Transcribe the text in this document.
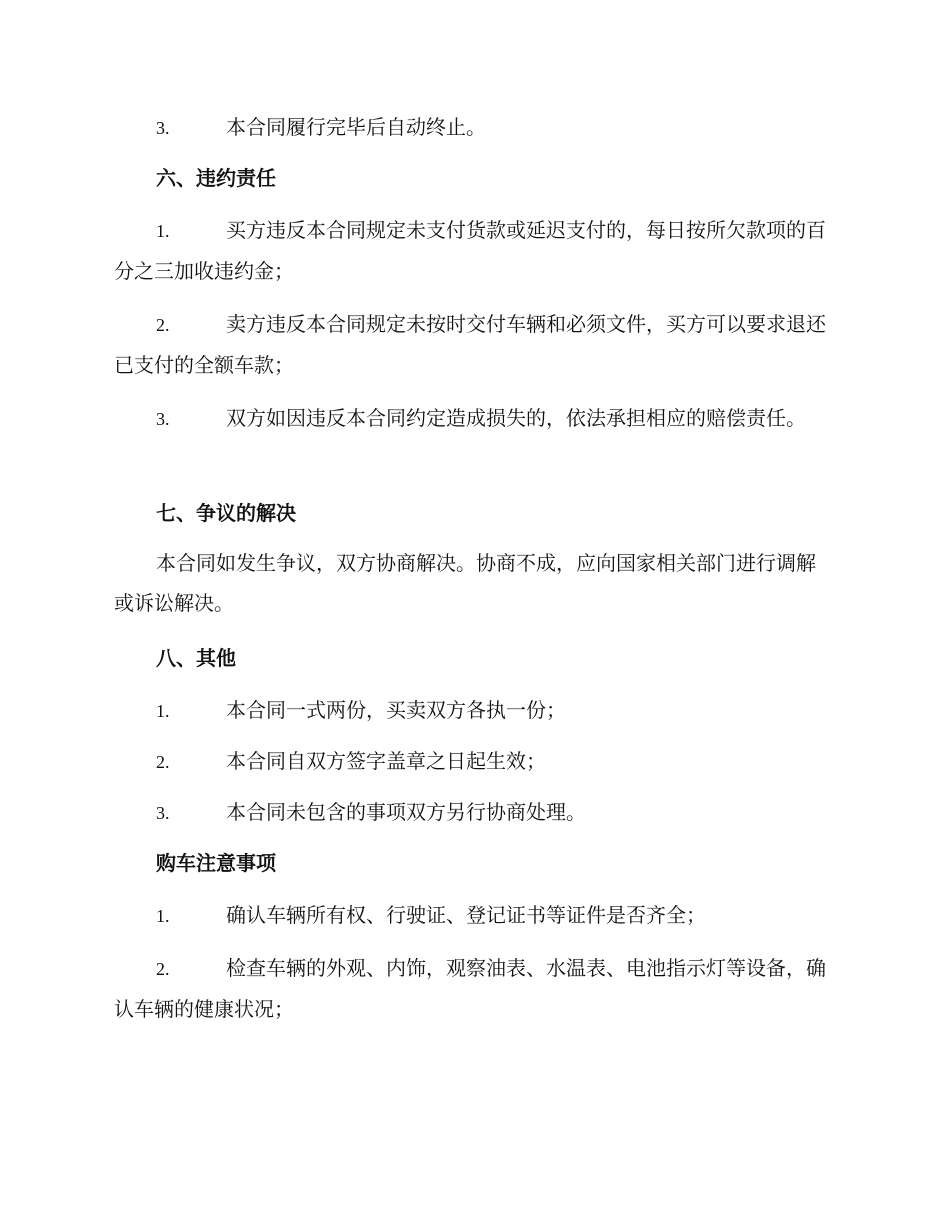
3.	本合同履行完毕后自动终止。
六、违约责任
1.	买方违反本合同规定未支付货款或延迟支付的，每日按所欠款项的百分之三加收违约金；
2.	卖方违反本合同规定未按时交付车辆和必须文件，买方可以要求退还已支付的全额车款；
3.	双方如因违反本合同约定造成损失的，依法承担相应的赔偿责任。
七、争议的解决
本合同如发生争议，双方协商解决。协商不成，应向国家相关部门进行调解或诉讼解决。
八、其他
1.	本合同一式两份，买卖双方各执一份；
2.	本合同自双方签字盖章之日起生效；
3.	本合同未包含的事项双方另行协商处理。
购车注意事项
1.	确认车辆所有权、行驶证、登记证书等证件是否齐全；
2.	检查车辆的外观、内饰，观察油表、水温表、电池指示灯等设备，确认车辆的健康状况；
